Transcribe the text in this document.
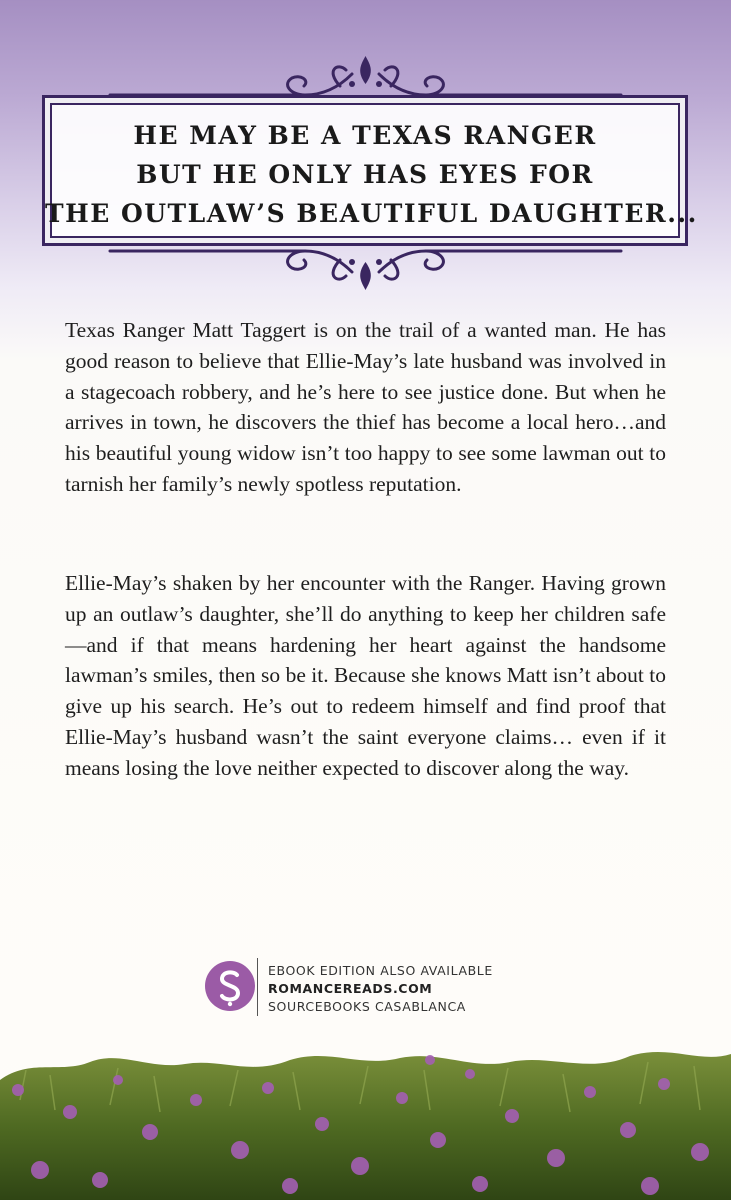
HE MAY BE A TEXAS RANGER
BUT HE ONLY HAS EYES FOR
THE OUTLAW’S BEAUTIFUL DAUGHTER...

Texas Ranger Matt Taggert is on the trail of a wanted man. He has good reason to believe that Ellie-May’s late husband was involved in a stagecoach robbery, and he’s here to see justice done. But when he arrives in town, he discovers the thief has become a local hero…and his beautiful young widow isn’t too happy to see some lawman out to tarnish her family’s newly spotless reputation.

Ellie-May’s shaken by her encounter with the Ranger. Having grown up an outlaw’s daughter, she’ll do anything to keep her children safe—and if that means hardening her heart against the handsome lawman’s smiles, then so be it. Because she knows Matt isn’t about to give up his search. He’s out to redeem himself and find proof that Ellie-May’s husband wasn’t the saint everyone claims… even if it means losing the love neither expected to discover along the way.

EBOOK EDITION ALSO AVAILABLE
ROMANCEREADS.COM
SOURCEBOOKS CASABLANCA
